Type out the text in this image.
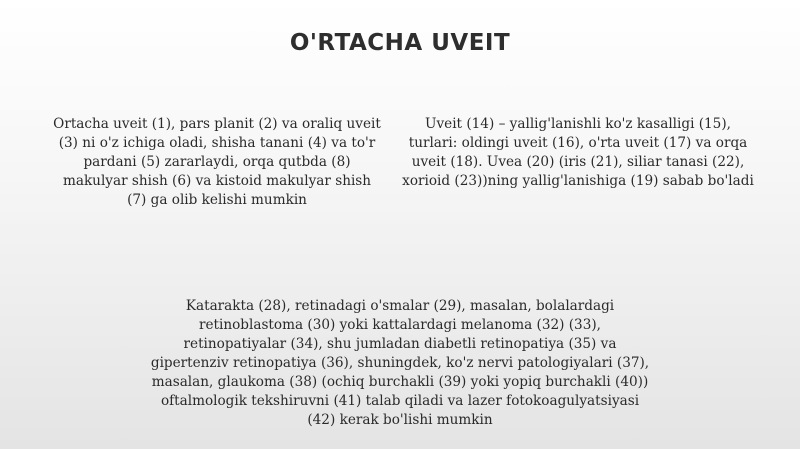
O'RTACHA UVEIT
Ortacha uveit (1), pars planit (2) va oraliq uveit (3) ni o'z ichiga oladi, shisha tanani (4) va to'r pardani (5) zararlaydi, orqa qutbda (8) makulyar shish (6) va kistoid makulyar shish (7) ga olib kelishi mumkin
Uveit (14) – yallig'lanishli ko'z kasalligi (15), turlari: oldingi uveit (16), o'rta uveit (17) va orqa uveit (18). Uvea (20) (iris (21), siliar tanasi (22), xorioid (23))ning yallig'lanishiga (19) sabab bo'ladi
Katarakta (28), retinadagi o'smalar (29), masalan, bolalardagi retinoblastoma (30) yoki kattalardagi melanoma (32) (33), retinopatiyalar (34), shu jumladan diabetli retinopatiya (35) va gipertenziv retinopatiya (36), shuningdek, ko'z nervi patologiyalari (37), masalan, glaukoma (38) (ochiq burchakli (39) yoki yopiq burchakli (40)) oftalmologik tekshiruvni (41) talab qiladi va lazer fotokoagulyatsiyasi (42) kerak bo'lishi mumkin
